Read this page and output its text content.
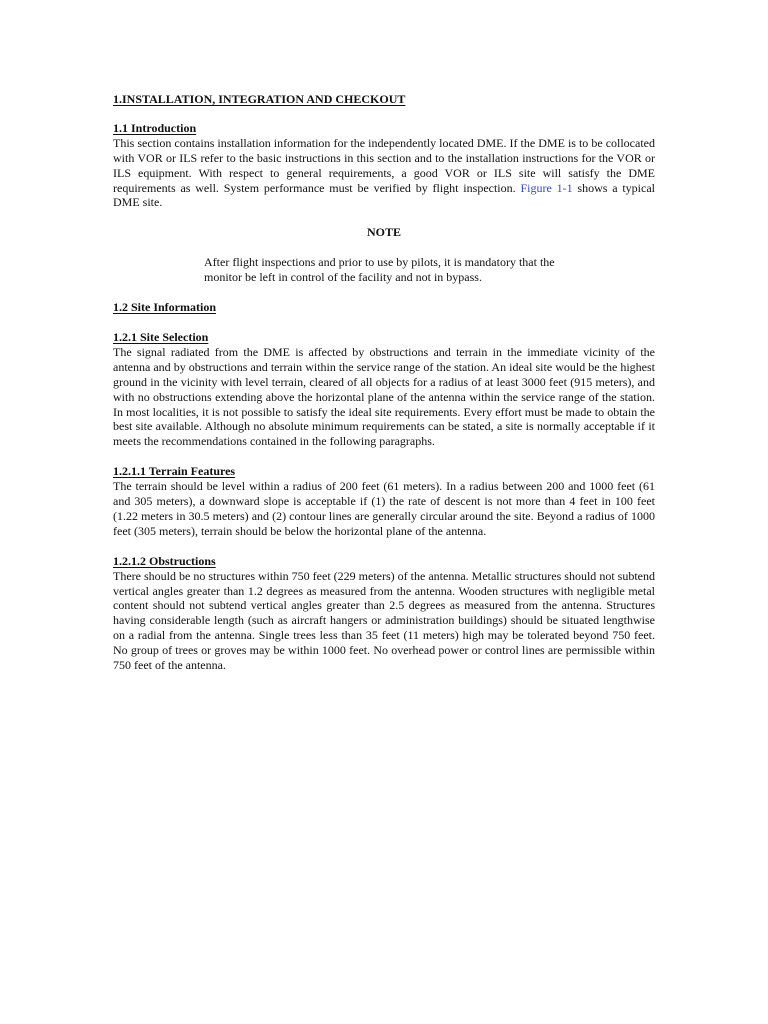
1.INSTALLATION, INTEGRATION AND CHECKOUT

1.1 Introduction

This section contains installation information for the independently located DME. If the DME is to be collocated with VOR or ILS refer to the basic instructions in this section and to the installation instructions for the VOR or ILS equipment. With respect to general requirements, a good VOR or ILS site will satisfy the DME requirements as well. System performance must be verified by flight inspection. Figure 1-1 shows a typical DME site.

NOTE

After flight inspections and prior to use by pilots, it is mandatory that the monitor be left in control of the facility and not in bypass.

1.2 Site Information

1.2.1 Site Selection

The signal radiated from the DME is affected by obstructions and terrain in the immediate vicinity of the antenna and by obstructions and terrain within the service range of the station. An ideal site would be the highest ground in the vicinity with level terrain, cleared of all objects for a radius of at least 3000 feet (915 meters), and with no obstructions extending above the horizontal plane of the antenna within the service range of the station. In most localities, it is not possible to satisfy the ideal site requirements. Every effort must be made to obtain the best site available. Although no absolute minimum requirements can be stated, a site is normally acceptable if it meets the recommendations contained in the following paragraphs.

1.2.1.1 Terrain Features

The terrain should be level within a radius of 200 feet (61 meters). In a radius between 200 and 1000 feet (61 and 305 meters), a downward slope is acceptable if (1) the rate of descent is not more than 4 feet in 100 feet (1.22 meters in 30.5 meters) and (2) contour lines are generally circular around the site. Beyond a radius of 1000 feet (305 meters), terrain should be below the horizontal plane of the antenna.

1.2.1.2 Obstructions

There should be no structures within 750 feet (229 meters) of the antenna. Metallic structures should not subtend vertical angles greater than 1.2 degrees as measured from the antenna. Wooden structures with negligible metal content should not subtend vertical angles greater than 2.5 degrees as measured from the antenna. Structures having considerable length (such as aircraft hangers or administration buildings) should be situated lengthwise on a radial from the antenna. Single trees less than 35 feet (11 meters) high may be tolerated beyond 750 feet. No group of trees or groves may be within 1000 feet. No overhead power or control lines are permissible within 750 feet of the antenna.
